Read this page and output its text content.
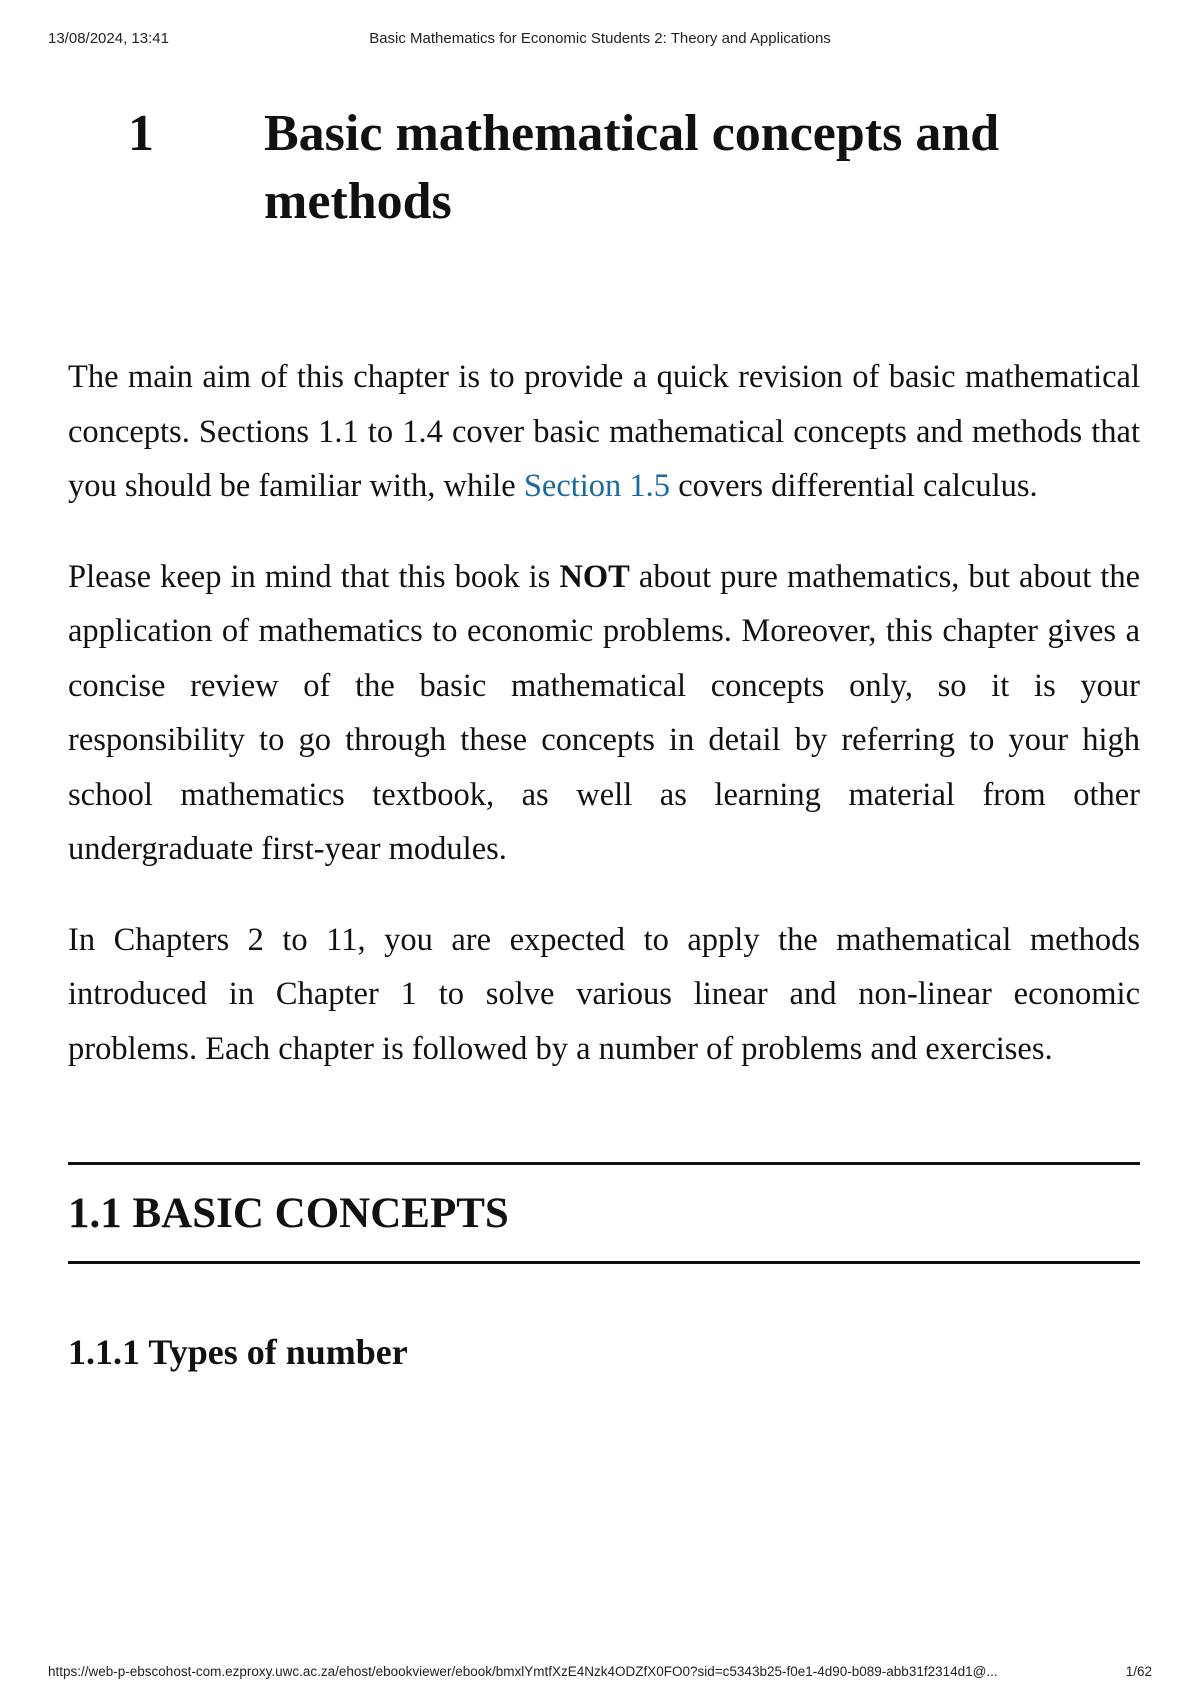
13/08/2024, 13:41	Basic Mathematics for Economic Students 2: Theory and Applications
1 Basic mathematical concepts and methods

The main aim of this chapter is to provide a quick revision of basic mathematical concepts. Sections 1.1 to 1.4 cover basic mathematical concepts and methods that you should be familiar with, while Section 1.5 covers differential calculus.

Please keep in mind that this book is NOT about pure mathematics, but about the application of mathematics to economic problems. Moreover, this chapter gives a concise review of the basic mathematical concepts only, so it is your responsibility to go through these concepts in detail by referring to your high school mathematics textbook, as well as learning material from other undergraduate first-year modules.

In Chapters 2 to 11, you are expected to apply the mathematical methods introduced in Chapter 1 to solve various linear and non-linear economic problems. Each chapter is followed by a number of problems and exercises.

1.1 BASIC CONCEPTS
1.1.1 Types of number
https://web-p-ebscohost-com.ezproxy.uwc.ac.za/ehost/ebookviewer/ebook/bmxlYmtfXzE4Nzk4ODZfX0FO0?sid=c5343b25-f0e1-4d90-b089-abb31f2314d1@...	1/62
